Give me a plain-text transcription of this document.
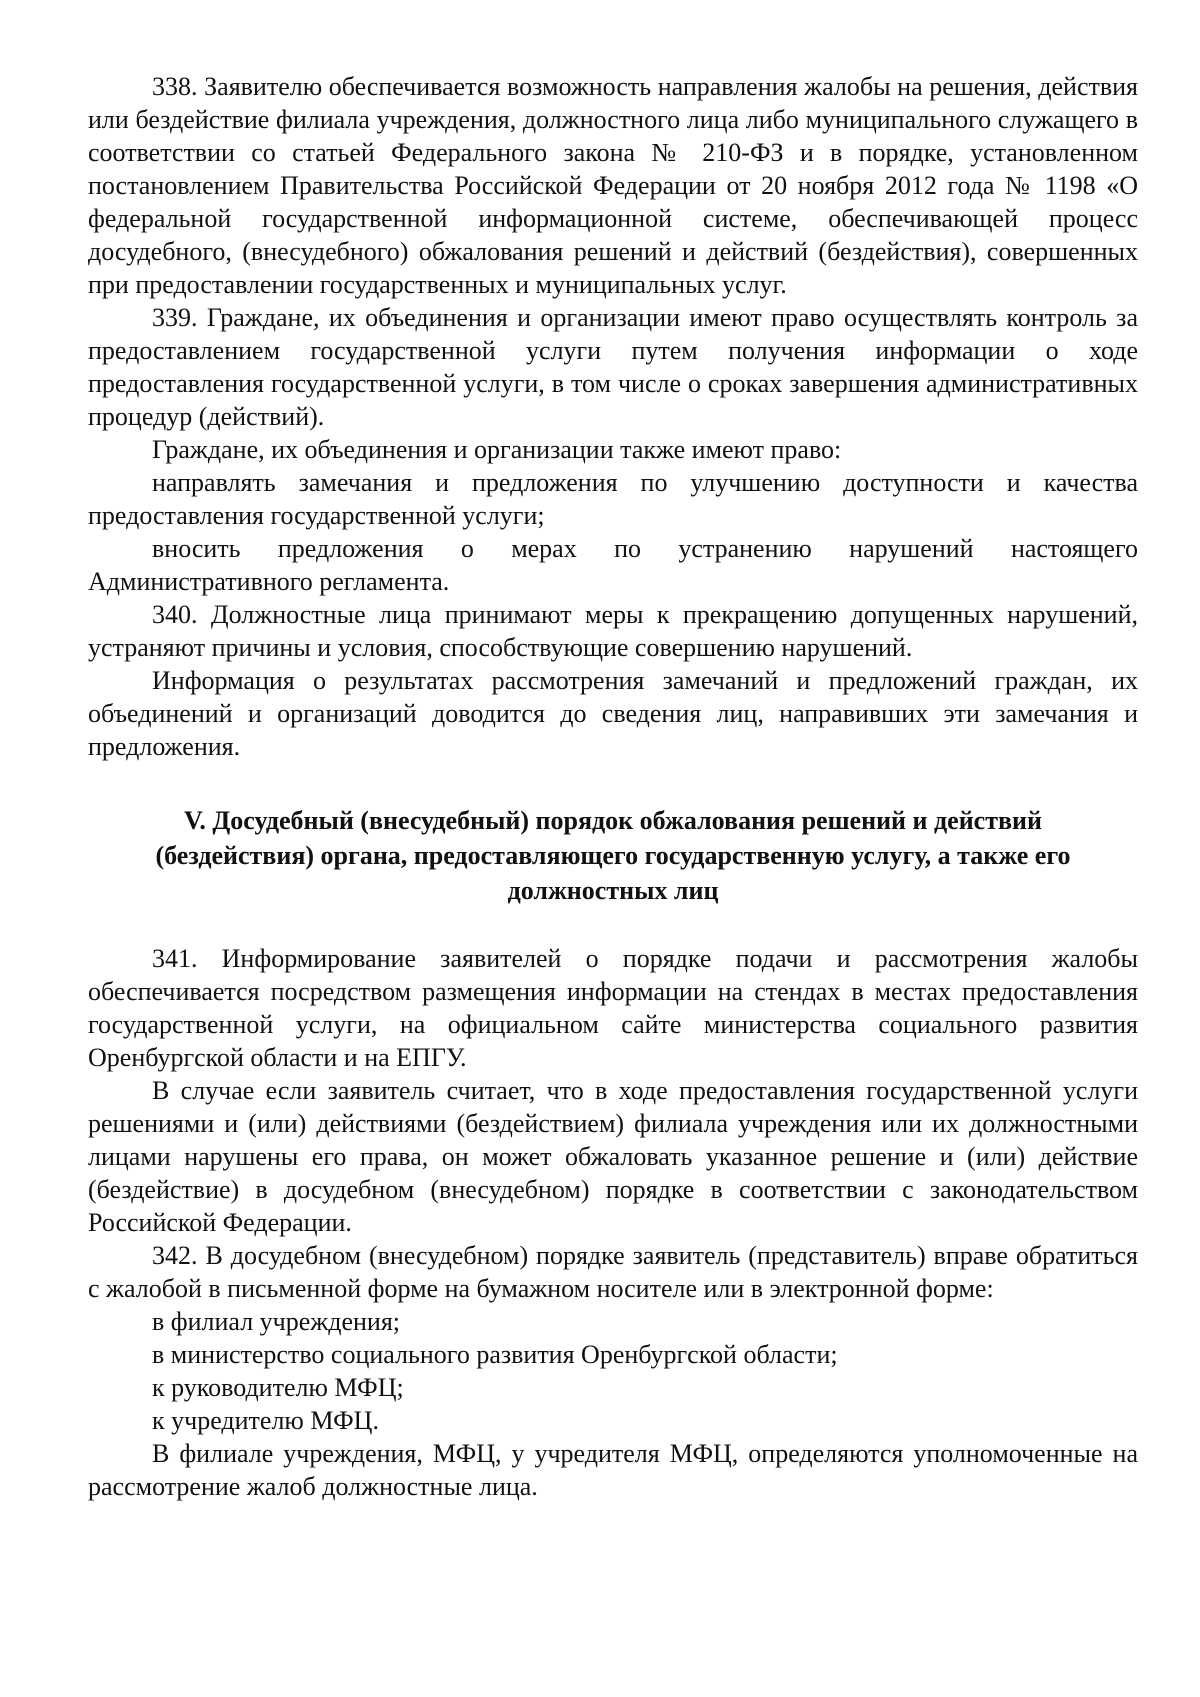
338. Заявителю обеспечивается возможность направления жалобы на решения, действия или бездействие филиала учреждения, должностного лица либо муниципального служащего в соответствии со статьей Федерального закона № 210-ФЗ и в порядке, установленном постановлением Правительства Российской Федерации от 20 ноября 2012 года № 1198 «О федеральной государственной информационной системе, обеспечивающей процесс досудебного, (внесудебного) обжалования решений и действий (бездействия), совершенных при предоставлении государственных и муниципальных услуг.

339. Граждане, их объединения и организации имеют право осуществлять контроль за предоставлением государственной услуги путем получения информации о ходе предоставления государственной услуги, в том числе о сроках завершения административных процедур (действий).

Граждане, их объединения и организации также имеют право:

направлять замечания и предложения по улучшению доступности и качества предоставления государственной услуги;

вносить предложения о мерах по устранению нарушений настоящего Административного регламента.

340. Должностные лица принимают меры к прекращению допущенных нарушений, устраняют причины и условия, способствующие совершению нарушений.

Информация о результатах рассмотрения замечаний и предложений граждан, их объединений и организаций доводится до сведения лиц, направивших эти замечания и предложения.

V. Досудебный (внесудебный) порядок обжалования решений и действий (бездействия) органа, предоставляющего государственную услугу, а также его должностных лиц

341. Информирование заявителей о порядке подачи и рассмотрения жалобы обеспечивается посредством размещения информации на стендах в местах предоставления государственной услуги, на официальном сайте министерства социального развития Оренбургской области и на ЕПГУ.

В случае если заявитель считает, что в ходе предоставления государственной услуги решениями и (или) действиями (бездействием) филиала учреждения или их должностными лицами нарушены его права, он может обжаловать указанное решение и (или) действие (бездействие) в досудебном (внесудебном) порядке в соответствии с законодательством Российской Федерации.

342. В досудебном (внесудебном) порядке заявитель (представитель) вправе обратиться с жалобой в письменной форме на бумажном носителе или в электронной форме:

в филиал учреждения;

в министерство социального развития Оренбургской области;

к руководителю МФЦ;

к учредителю МФЦ.

В филиале учреждения, МФЦ, у учредителя МФЦ, определяются уполномоченные на рассмотрение жалоб должностные лица.
